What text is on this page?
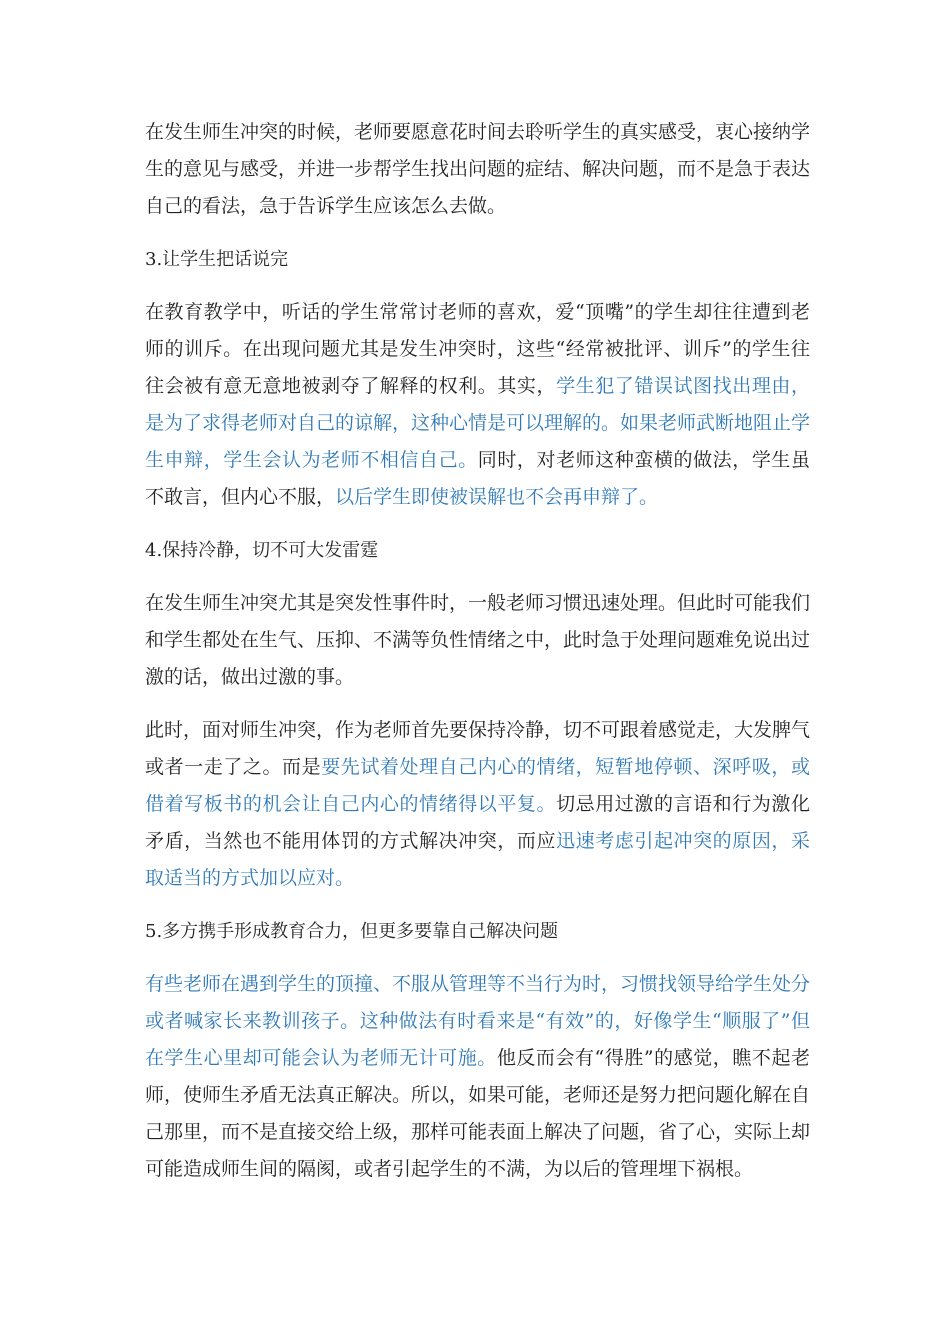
在发生师生冲突的时候，老师要愿意花时间去聆听学生的真实感受，衷心接纳学生的意见与感受，并进一步帮学生找出问题的症结、解决问题，而不是急于表达自己的看法，急于告诉学生应该怎么去做。

3.让学生把话说完

在教育教学中，听话的学生常常讨老师的喜欢，爱“顶嘴”的学生却往往遭到老师的训斥。在出现问题尤其是发生冲突时，这些“经常被批评、训斥”的学生往往会被有意无意地被剥夺了解释的权利。其实，学生犯了错误试图找出理由，是为了求得老师对自己的谅解，这种心情是可以理解的。如果老师武断地阻止学生申辩，学生会认为老师不相信自己。同时，对老师这种蛮横的做法，学生虽不敢言，但内心不服，以后学生即使被误解也不会再申辩了。

4.保持冷静，切不可大发雷霆

在发生师生冲突尤其是突发性事件时，一般老师习惯迅速处理。但此时可能我们和学生都处在生气、压抑、不满等负性情绪之中，此时急于处理问题难免说出过激的话，做出过激的事。

此时，面对师生冲突，作为老师首先要保持冷静，切不可跟着感觉走，大发脾气或者一走了之。而是要先试着处理自己内心的情绪，短暂地停顿、深呼吸，或借着写板书的机会让自己内心的情绪得以平复。切忌用过激的言语和行为激化矛盾，当然也不能用体罚的方式解决冲突，而应迅速考虑引起冲突的原因，采取适当的方式加以应对。

5.多方携手形成教育合力，但更多要靠自己解决问题

有些老师在遇到学生的顶撞、不服从管理等不当行为时，习惯找领导给学生处分或者喊家长来教训孩子。这种做法有时看来是“有效”的，好像学生“顺服了”但在学生心里却可能会认为老师无计可施。他反而会有“得胜”的感觉，瞧不起老师，使师生矛盾无法真正解决。所以，如果可能，老师还是努力把问题化解在自己那里，而不是直接交给上级，那样可能表面上解决了问题，省了心，实际上却可能造成师生间的隔阂，或者引起学生的不满，为以后的管理埋下祸根。
